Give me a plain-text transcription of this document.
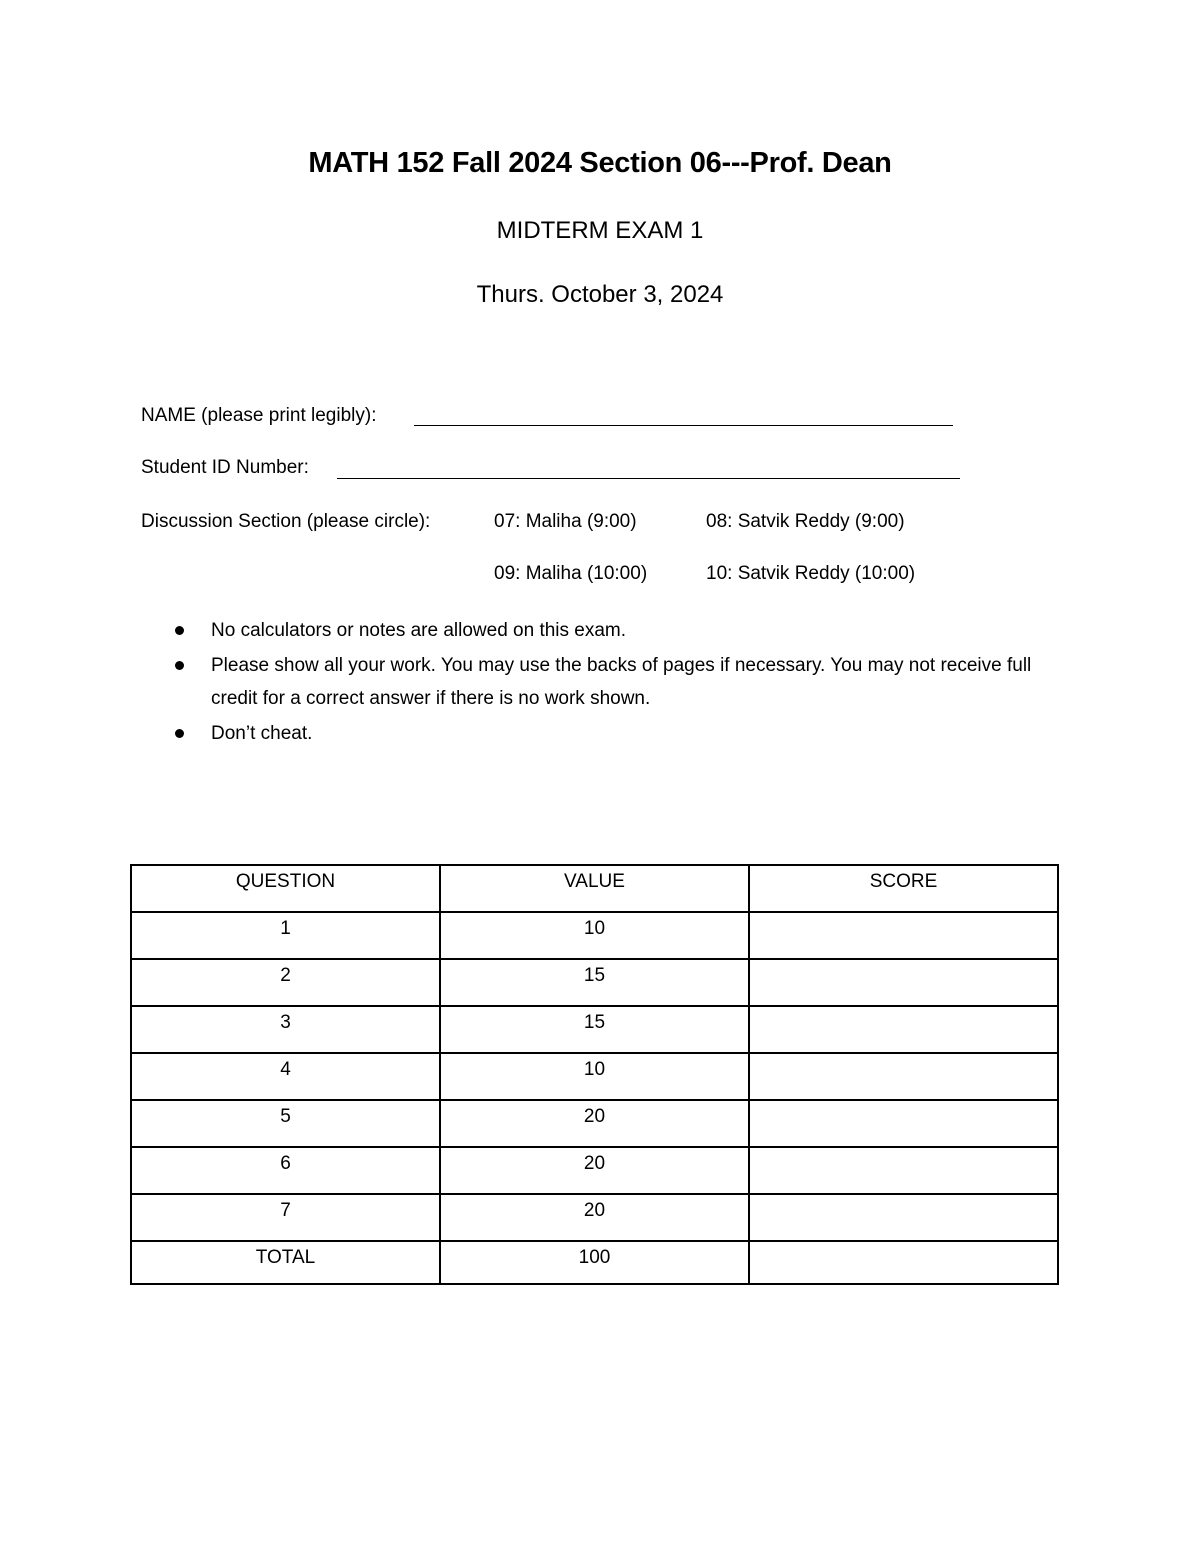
MATH 152 Fall 2024 Section 06---Prof. Dean
MIDTERM EXAM 1
Thurs. October 3, 2024
NAME (please print legibly):
Student ID Number:
Discussion Section (please circle):	07: Maliha (9:00)	08: Satvik Reddy (9:00)
09: Maliha (10:00)	10: Satvik Reddy (10:00)
No calculators or notes are allowed on this exam.
Please show all your work. You may use the backs of pages if necessary. You may not receive full credit for a correct answer if there is no work shown.
Don’t cheat.
QUESTION	VALUE	SCORE
1	10	
2	15	
3	15	
4	10	
5	20	
6	20	
7	20	
TOTAL	100	
